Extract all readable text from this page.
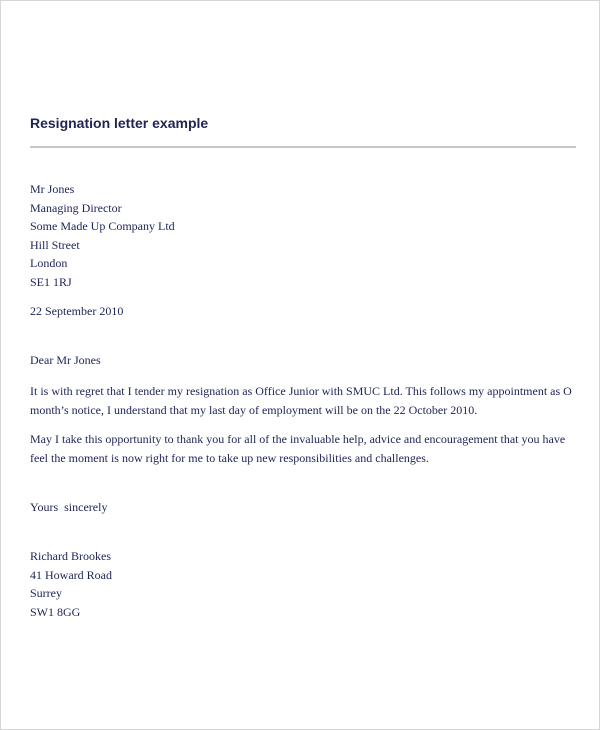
Resignation letter example
Mr Jones
Managing Director
Some Made Up Company Ltd
Hill Street
London
SE1 1RJ
22 September 2010
Dear Mr Jones
It is with regret that I tender my resignation as Office Junior with SMUC Ltd. This follows my appointment as O
month’s notice, I understand that my last day of employment will be on the 22 October 2010.
May I take this opportunity to thank you for all of the invaluable help, advice and encouragement that you have
feel the moment is now right for me to take up new responsibilities and challenges.
Yours  sincerely
Richard Brookes
41 Howard Road
Surrey
SW1 8GG
